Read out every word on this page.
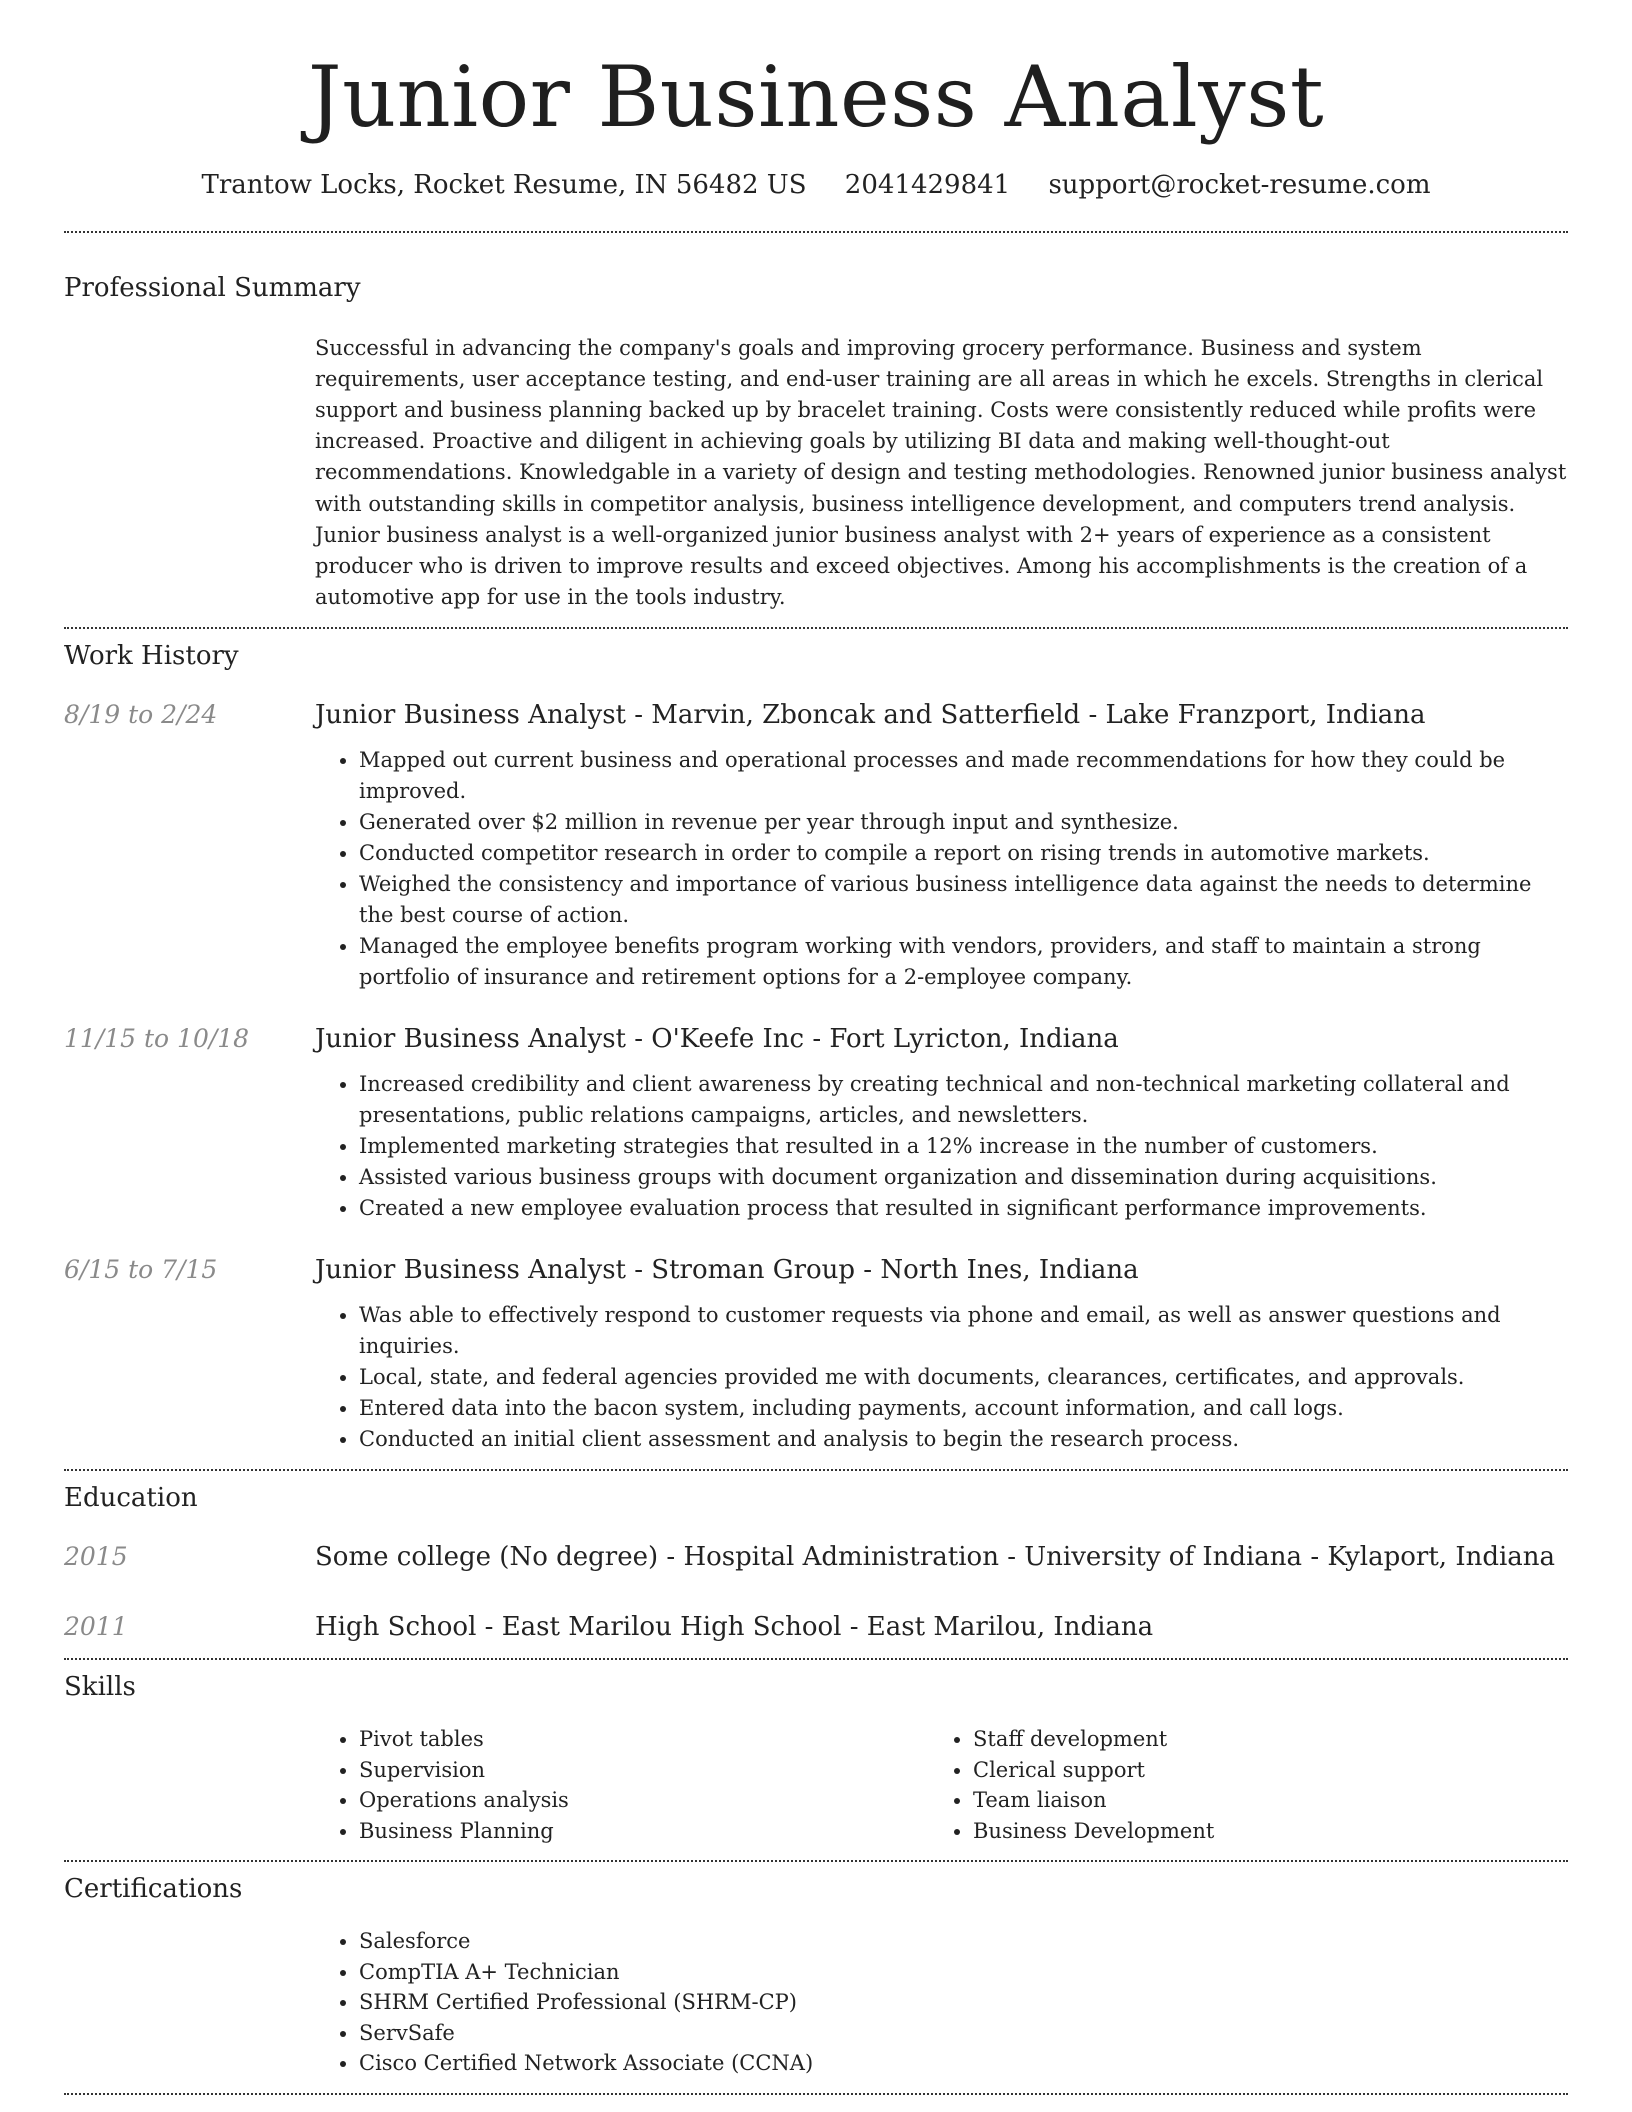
Junior Business Analyst
Trantow Locks, Rocket Resume, IN 56482 US 2041429841 support@rocket-resume.com
Professional Summary
Successful in advancing the company's goals and improving grocery performance. Business and system requirements, user acceptance testing, and end-user training are all areas in which he excels. Strengths in clerical support and business planning backed up by bracelet training. Costs were consistently reduced while profits were increased. Proactive and diligent in achieving goals by utilizing BI data and making well-thought-out recommendations. Knowledgable in a variety of design and testing methodologies. Renowned junior business analyst with outstanding skills in competitor analysis, business intelligence development, and computers trend analysis. Junior business analyst is a well-organized junior business analyst with 2+ years of experience as a consistent producer who is driven to improve results and exceed objectives. Among his accomplishments is the creation of a automotive app for use in the tools industry.
Work History
8/19 to 2/24	Junior Business Analyst - Marvin, Zboncak and Satterfield - Lake Franzport, Indiana
• Mapped out current business and operational processes and made recommendations for how they could be improved.
• Generated over $2 million in revenue per year through input and synthesize.
• Conducted competitor research in order to compile a report on rising trends in automotive markets.
• Weighed the consistency and importance of various business intelligence data against the needs to determine the best course of action.
• Managed the employee benefits program working with vendors, providers, and staff to maintain a strong portfolio of insurance and retirement options for a 2-employee company.
11/15 to 10/18	Junior Business Analyst - O'Keefe Inc - Fort Lyricton, Indiana
• Increased credibility and client awareness by creating technical and non-technical marketing collateral and presentations, public relations campaigns, articles, and newsletters.
• Implemented marketing strategies that resulted in a 12% increase in the number of customers.
• Assisted various business groups with document organization and dissemination during acquisitions.
• Created a new employee evaluation process that resulted in significant performance improvements.
6/15 to 7/15	Junior Business Analyst - Stroman Group - North Ines, Indiana
• Was able to effectively respond to customer requests via phone and email, as well as answer questions and inquiries.
• Local, state, and federal agencies provided me with documents, clearances, certificates, and approvals.
• Entered data into the bacon system, including payments, account information, and call logs.
• Conducted an initial client assessment and analysis to begin the research process.
Education
2015	Some college (No degree) - Hospital Administration - University of Indiana - Kylaport, Indiana
2011	High School - East Marilou High School - East Marilou, Indiana
Skills
• Pivot tables
• Supervision
• Operations analysis
• Business Planning
• Staff development
• Clerical support
• Team liaison
• Business Development
Certifications
• Salesforce
• CompTIA A+ Technician
• SHRM Certified Professional (SHRM-CP)
• ServSafe
• Cisco Certified Network Associate (CCNA)
